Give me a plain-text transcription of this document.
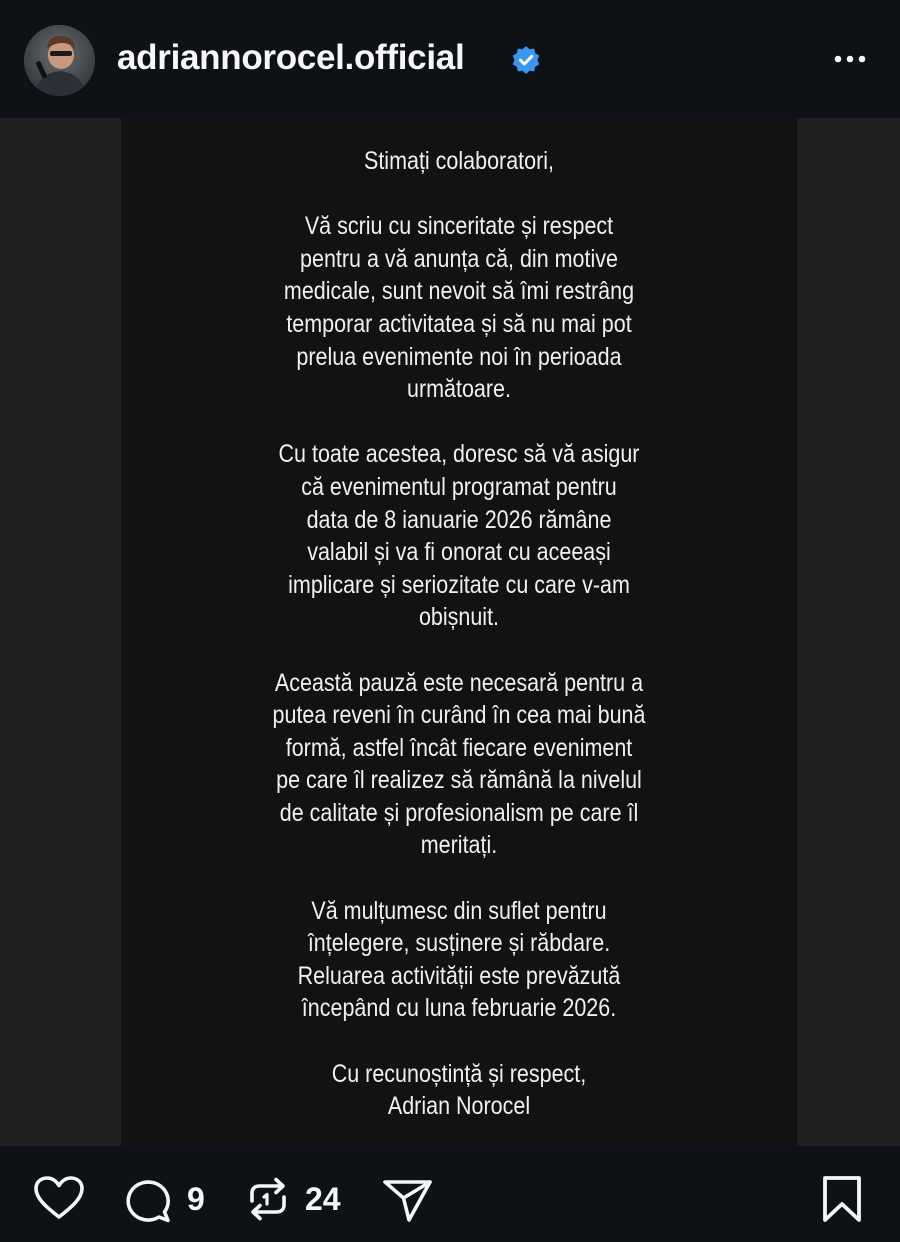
adriannorocel.official

Stimați colaboratori,

Vă scriu cu sinceritate și respect
pentru a vă anunța că, din motive
medicale, sunt nevoit să îmi restrâng
temporar activitatea și să nu mai pot
prelua evenimente noi în perioada
următoare.

Cu toate acestea, doresc să vă asigur
că evenimentul programat pentru
data de 8 ianuarie 2026 rămâne
valabil și va fi onorat cu aceeași
implicare și seriozitate cu care v-am
obișnuit.

Această pauză este necesară pentru a
putea reveni în curând în cea mai bună
formă, astfel încât fiecare eveniment
pe care îl realizez să rămână la nivelul
de calitate și profesionalism pe care îl
meritați.

Vă mulțumesc din suflet pentru
înțelegere, susținere și răbdare.
Reluarea activității este prevăzută
începând cu luna februarie 2026.

Cu recunoștință și respect,
Adrian Norocel

9	24
